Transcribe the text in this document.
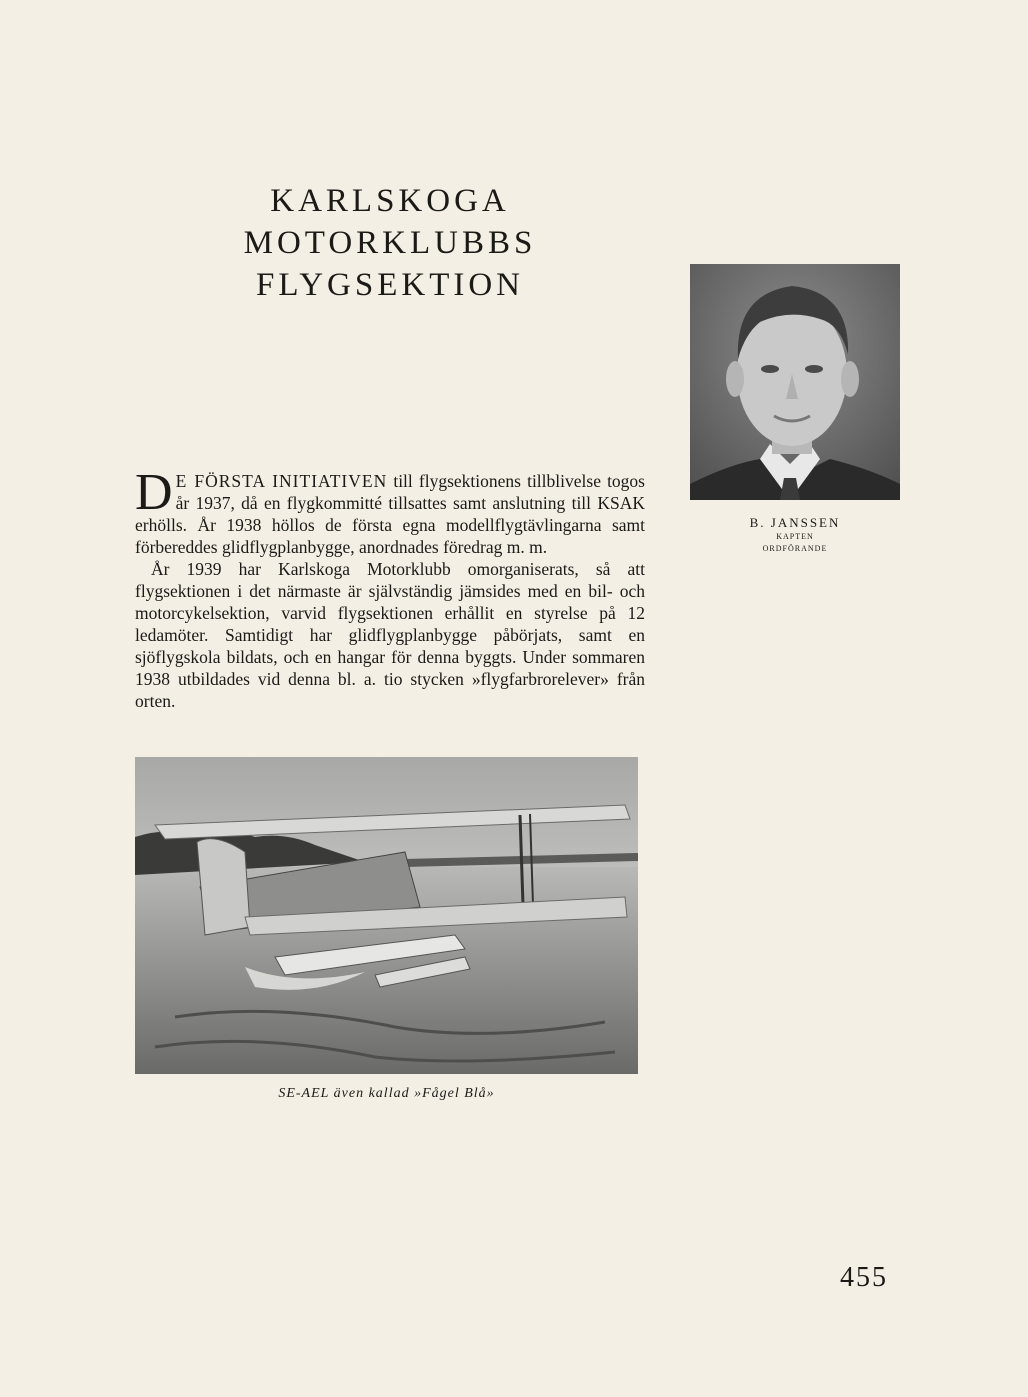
KARLSKOGA MOTORKLUBBS
FLYGSEKTION
B. JANSSEN
KAPTEN
ORDFÖRANDE

D E FÖRSTA INITIATIVEN till flygsektionens tillblivelse togos år 1937, då en flygkommitté tillsattes samt anslutning till KSAK erhölls. År 1938 höllos de första egna modellflygtävlingarna samt förbereddes glidflygplanbygge, anordnades föredrag m. m.

År 1939 har Karlskoga Motorklubb omorganiserats, så att flygsektionen i det närmaste är självständig jämsides med en bil- och motorcykelsektion, varvid flygsektionen erhållit en styrelse på 12 ledamöter. Samtidigt har glidflygplanbygge påbörjats, samt en sjöflygskola bildats, och en hangar för denna byggts. Under sommaren 1938 utbildades vid denna bl. a. tio stycken »flygfarbrorelever» från orten.

SE-AEL även kallad »Fågel Blå»
455
